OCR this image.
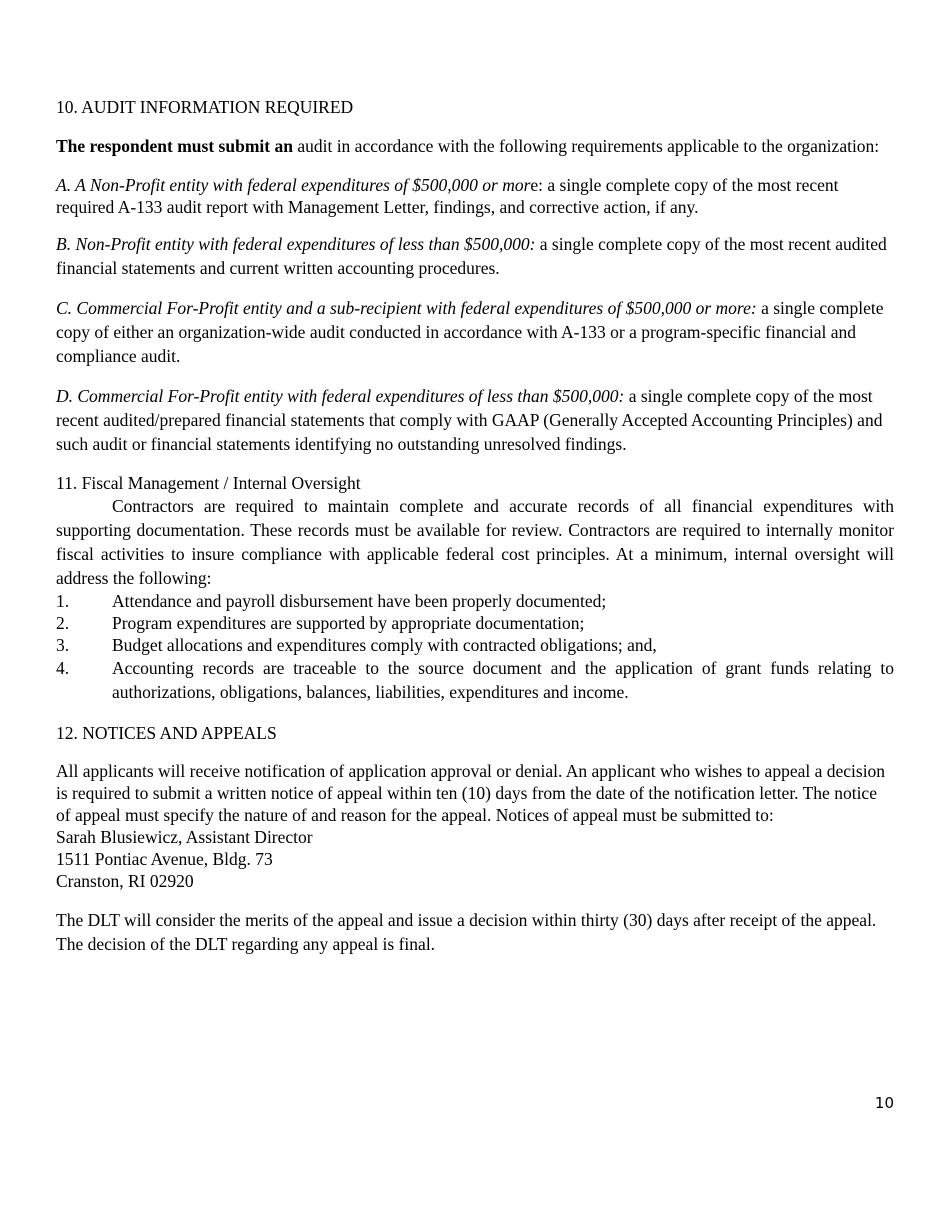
10. AUDIT INFORMATION REQUIRED

The respondent must submit an audit in accordance with the following requirements applicable to the organization:

A. A Non-Profit entity with federal expenditures of $500,000 or more: a single complete copy of the most recent required A-133 audit report with Management Letter, findings, and corrective action, if any.

B. Non-Profit entity with federal expenditures of less than $500,000: a single complete copy of the most recent audited financial statements and current written accounting procedures.

C. Commercial For-Profit entity and a sub-recipient with federal expenditures of $500,000 or more: a single complete copy of either an organization-wide audit conducted in accordance with A-133 or a program-specific financial and compliance audit.

D. Commercial For-Profit entity with federal expenditures of less than $500,000: a single complete copy of the most recent audited/prepared financial statements that comply with GAAP (Generally Accepted Accounting Principles) and such audit or financial statements identifying no outstanding unresolved findings.

11. Fiscal Management / Internal Oversight

Contractors are required to maintain complete and accurate records of all financial expenditures with supporting documentation. These records must be available for review. Contractors are required to internally monitor fiscal activities to insure compliance with applicable federal cost principles. At a minimum, internal oversight will address the following:

1.	Attendance and payroll disbursement have been properly documented;
2.	Program expenditures are supported by appropriate documentation;
3.	Budget allocations and expenditures comply with contracted obligations; and,
4.	Accounting records are traceable to the source document and the application of grant funds relating to authorizations, obligations, balances, liabilities, expenditures and income.

12. NOTICES AND APPEALS

All applicants will receive notification of application approval or denial. An applicant who wishes to appeal a decision is required to submit a written notice of appeal within ten (10) days from the date of the notification letter. The notice of appeal must specify the nature of and reason for the appeal. Notices of appeal must be submitted to:

Sarah Blusiewicz, Assistant Director
1511 Pontiac Avenue, Bldg. 73
Cranston, RI 02920

The DLT will consider the merits of the appeal and issue a decision within thirty (30) days after receipt of the appeal. The decision of the DLT regarding any appeal is final.

10
